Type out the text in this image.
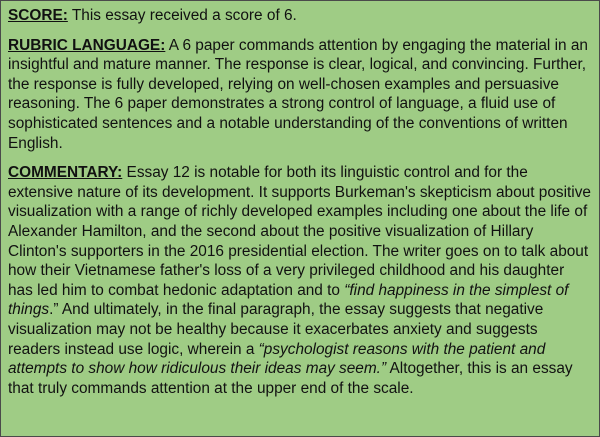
SCORE: This essay received a score of 6.

RUBRIC LANGUAGE: A 6 paper commands attention by engaging the material in an insightful and mature manner. The response is clear, logical, and convincing. Further, the response is fully developed, relying on well-chosen examples and persuasive reasoning. The 6 paper demonstrates a strong control of language, a fluid use of sophisticated sentences and a notable understanding of the conventions of written English.

COMMENTARY: Essay 12 is notable for both its linguistic control and for the extensive nature of its development. It supports Burkeman's skepticism about positive visualization with a range of richly developed examples including one about the life of Alexander Hamilton, and the second about the positive visualization of Hillary Clinton's supporters in the 2016 presidential election. The writer goes on to talk about how their Vietnamese father's loss of a very privileged childhood and his daughter has led him to combat hedonic adaptation and to “find happiness in the simplest of things.” And ultimately, in the final paragraph, the essay suggests that negative visualization may not be healthy because it exacerbates anxiety and suggests readers instead use logic, wherein a “psychologist reasons with the patient and attempts to show how ridiculous their ideas may seem.” Altogether, this is an essay that truly commands attention at the upper end of the scale.
